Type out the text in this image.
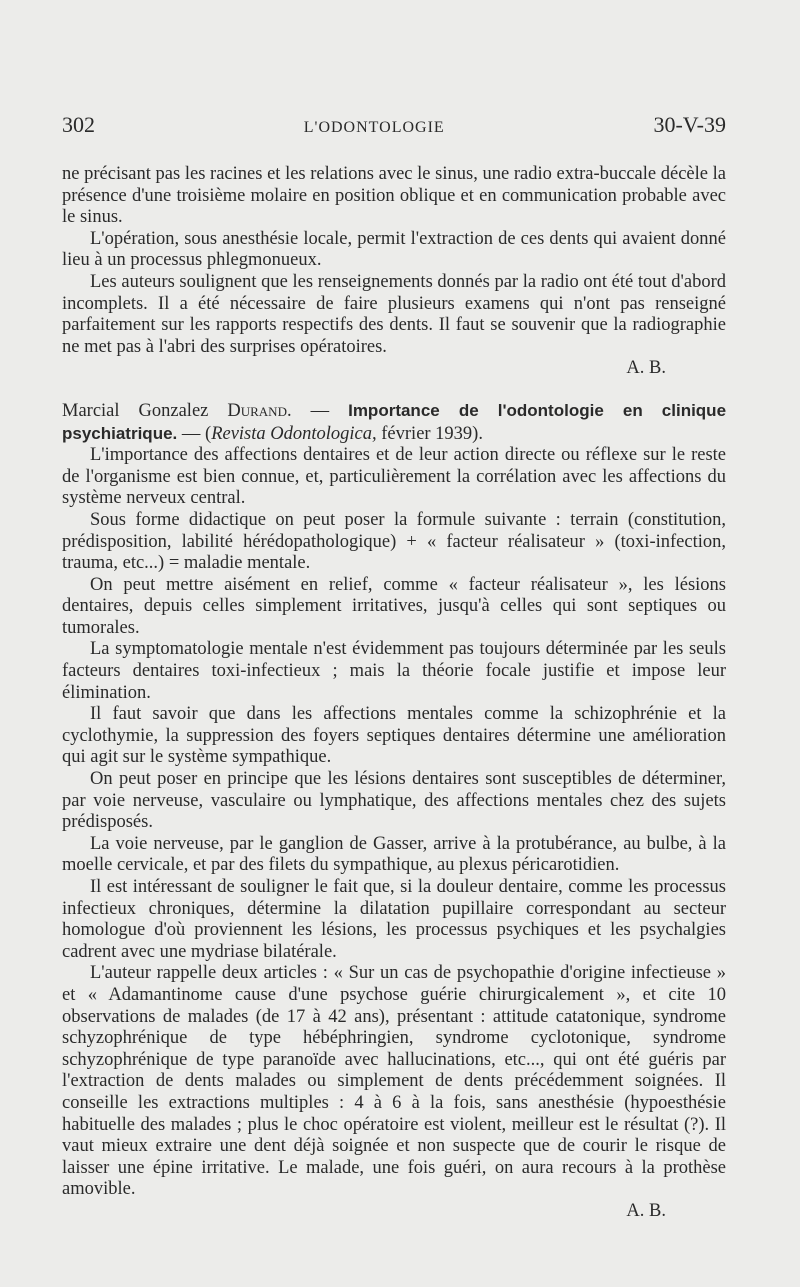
302	L'ODONTOLOGIE	30-V-39

ne précisant pas les racines et les relations avec le sinus, une radio extra-buccale décèle la présence d'une troisième molaire en position oblique et en communication probable avec le sinus.

L'opération, sous anesthésie locale, permit l'extraction de ces dents qui avaient donné lieu à un processus phlegmonueux.

Les auteurs soulignent que les renseignements donnés par la radio ont été tout d'abord incomplets. Il a été nécessaire de faire plusieurs examens qui n'ont pas renseigné parfaitement sur les rapports respectifs des dents. Il faut se souvenir que la radiographie ne met pas à l'abri des surprises opératoires.

A. B.

Marcial Gonzalez Durand. — Importance de l'odontologie en clinique psychiatrique. — (Revista Odontologica, février 1939).

L'importance des affections dentaires et de leur action directe ou réflexe sur le reste de l'organisme est bien connue, et, particulièrement la corrélation avec les affections du système nerveux central.

Sous forme didactique on peut poser la formule suivante : terrain (constitution, prédisposition, labilité hérédopathologique) + « facteur réalisateur » (toxi-infection, trauma, etc...) = maladie mentale.

On peut mettre aisément en relief, comme « facteur réalisateur », les lésions dentaires, depuis celles simplement irritatives, jusqu'à celles qui sont septiques ou tumorales.

La symptomatologie mentale n'est évidemment pas toujours déterminée par les seuls facteurs dentaires toxi-infectieux ; mais la théorie focale justifie et impose leur élimination.

Il faut savoir que dans les affections mentales comme la schizophrénie et la cyclothymie, la suppression des foyers septiques dentaires détermine une amélioration qui agit sur le système sympathique.

On peut poser en principe que les lésions dentaires sont susceptibles de déterminer, par voie nerveuse, vasculaire ou lymphatique, des affections mentales chez des sujets prédisposés.

La voie nerveuse, par le ganglion de Gasser, arrive à la protubérance, au bulbe, à la moelle cervicale, et par des filets du sympathique, au plexus péricarotidien.

Il est intéressant de souligner le fait que, si la douleur dentaire, comme les processus infectieux chroniques, détermine la dilatation pupillaire correspondant au secteur homologue d'où proviennent les lésions, les processus psychiques et les psychalgies cadrent avec une mydriase bilatérale.

L'auteur rappelle deux articles : « Sur un cas de psychopathie d'origine infectieuse » et « Adamantinome cause d'une psychose guérie chirurgicalement », et cite 10 observations de malades (de 17 à 42 ans), présentant : attitude catatonique, syndrome schyzophrénique de type hébéphringien, syndrome cyclotonique, syndrome schyzophrénique de type paranoïde avec hallucinations, etc..., qui ont été guéris par l'extraction de dents malades ou simplement de dents précédemment soignées. Il conseille les extractions multiples : 4 à 6 à la fois, sans anesthésie (hypoesthésie habituelle des malades ; plus le choc opératoire est violent, meilleur est le résultat (?). Il vaut mieux extraire une dent déjà soignée et non suspecte que de courir le risque de laisser une épine irritative. Le malade, une fois guéri, on aura recours à la prothèse amovible.

A. B.
